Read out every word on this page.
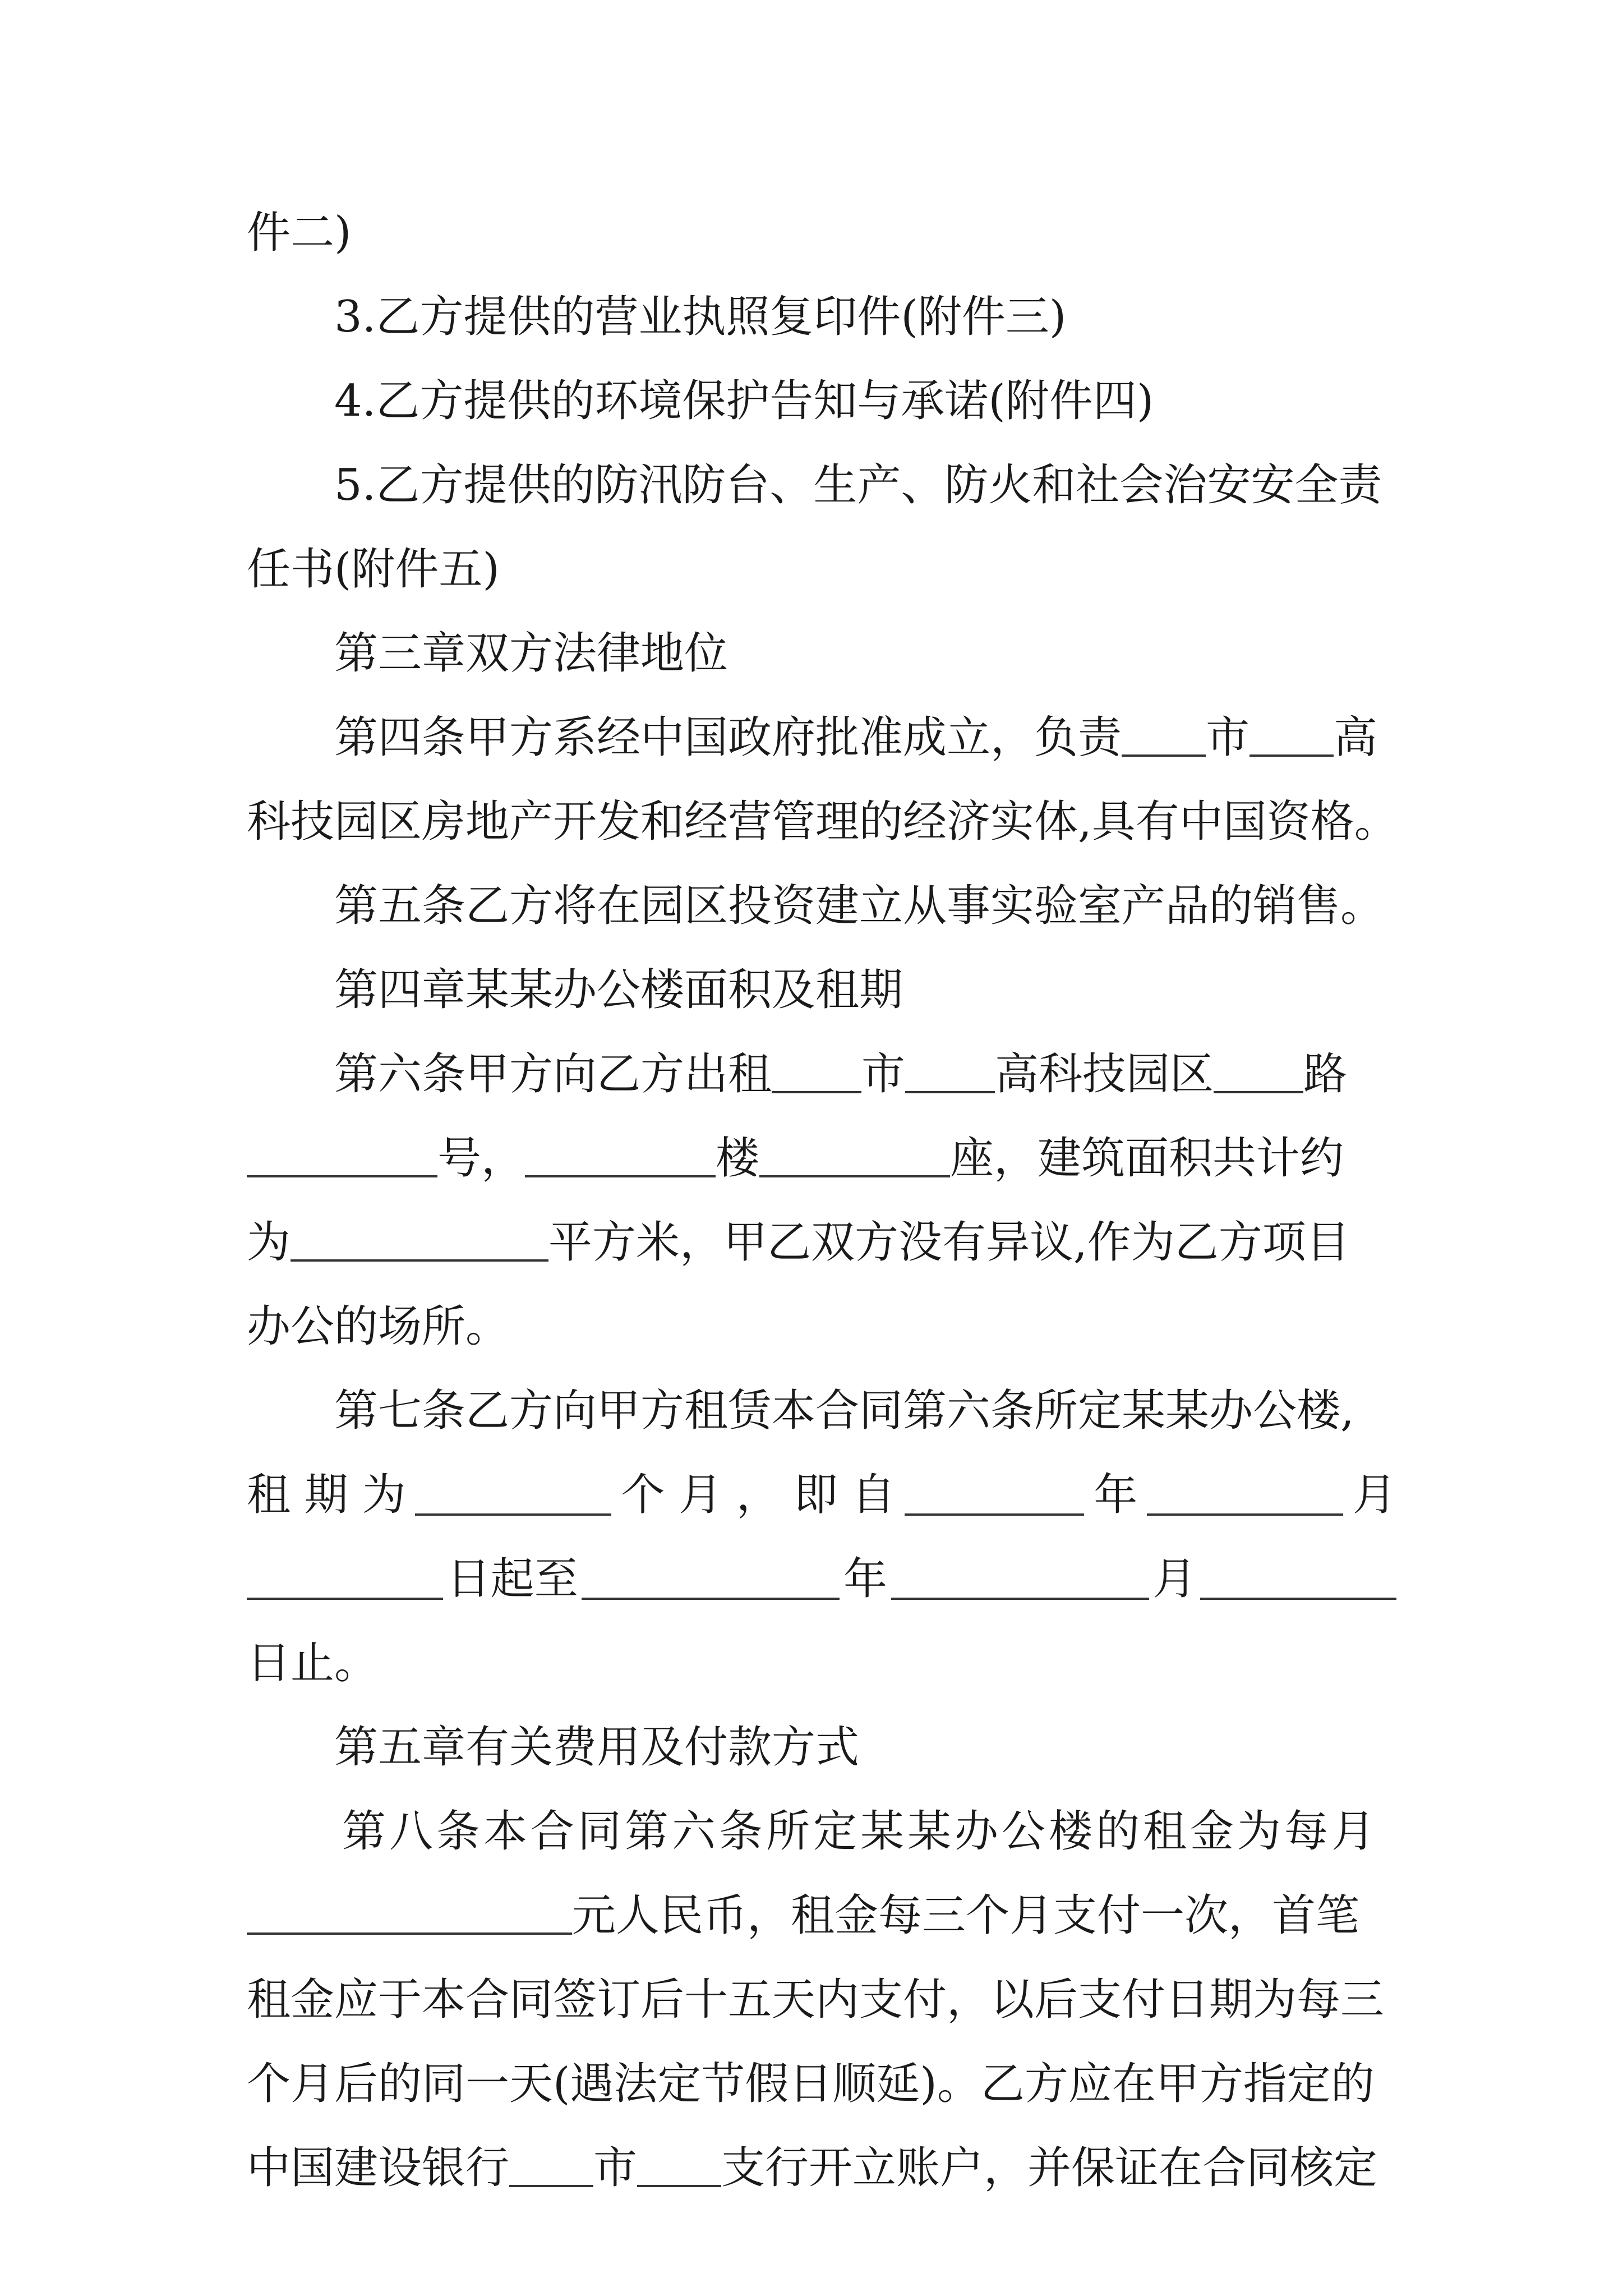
件二)
3.乙方提供的营业执照复印件(附件三)
4.乙方提供的环境保护告知与承诺(附件四)
5.乙方提供的防汛防台、生产、防火和社会治安安全责
任书(附件五)
第三章双方法律地位
第四条甲方系经中国政府批准成立，负责 市 高
科技园区房地产开发和经营管理的经济实体,具有中国资格。
第五条乙方将在园区投资建立从事实验室产品的销售。
第四章某某办公楼面积及租期
第六条甲方向乙方出租 市 高科技园区 路
号，	楼	座，建筑面积共计约
为	平方米，甲乙双方没有异议,作为乙方项目
办公的场所。
第七条乙方向甲方租赁本合同第六条所定某某办公楼,
租 期 为	个 月 ， 即 自	年	月
日起至	年	月
日止。
第五章有关费用及付款方式
第八条本合同第六条所定某某办公楼的租金为每月
元人民币，租金每三个月支付一次，首笔
租金应于本合同签订后十五天内支付，以后支付日期为每三
个月后的同一天(遇法定节假日顺延)。乙方应在甲方指定的
中国建设银行 市 支行开立账户，并保证在合同核定
